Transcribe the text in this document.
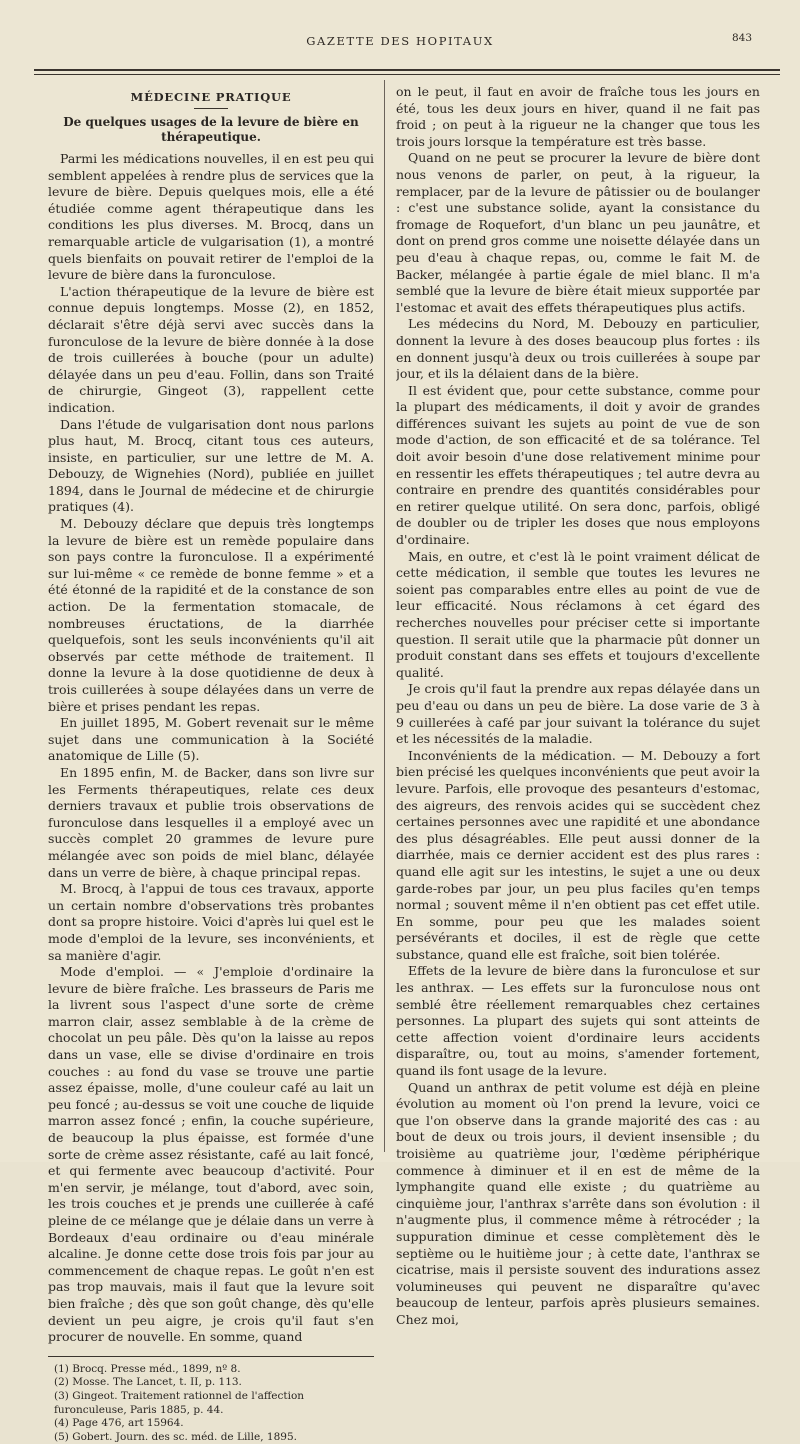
GAZETTE DES HOPITAUX	843
MÉDECINE PRATIQUE
De quelques usages de la levure de bière en thérapeutique.

Parmi les médications nouvelles, il en est peu qui semblent appelées à rendre plus de services que la levure de bière. Depuis quelques mois, elle a été étudiée comme agent thérapeutique dans les conditions les plus diverses. M. Brocq, dans un remarquable article de vulgarisation (1), a montré quels bienfaits on pouvait retirer de l'emploi de la levure de bière dans la furonculose.

L'action thérapeutique de la levure de bière est connue depuis longtemps. Mosse (2), en 1852, déclarait s'être déjà servi avec succès dans la furonculose de la levure de bière donnée à la dose de trois cuillerées à bouche (pour un adulte) délayée dans un peu d'eau. Follin, dans son Traité de chirurgie, Gingeot (3), rappellent cette indication.

Dans l'étude de vulgarisation dont nous parlons plus haut, M. Brocq, citant tous ces auteurs, insiste, en particulier, sur une lettre de M. A. Debouzy, de Wignehies (Nord), publiée en juillet 1894, dans le Journal de médecine et de chirurgie pratiques (4).

M. Debouzy déclare que depuis très longtemps la levure de bière est un remède populaire dans son pays contre la furonculose. Il a expérimenté sur lui-même « ce remède de bonne femme » et a été étonné de la rapidité et de la constance de son action. De la fermentation stomacale, de nombreuses éructations, de la diarrhée quelquefois, sont les seuls inconvénients qu'il ait observés par cette méthode de traitement. Il donne la levure à la dose quotidienne de deux à trois cuillerées à soupe délayées dans un verre de bière et prises pendant les repas.

En juillet 1895, M. Gobert revenait sur le même sujet dans une communication à la Société anatomique de Lille (5).

En 1895 enfin, M. de Backer, dans son livre sur les Ferments thérapeutiques, relate ces deux derniers travaux et publie trois observations de furonculose dans lesquelles il a employé avec un succès complet 20 grammes de levure pure mélangée avec son poids de miel blanc, délayée dans un verre de bière, à chaque principal repas.

M. Brocq, à l'appui de tous ces travaux, apporte un certain nombre d'observations très probantes dont sa propre histoire. Voici d'après lui quel est le mode d'emploi de la levure, ses inconvénients, et sa manière d'agir.

Mode d'emploi. — « J'emploie d'ordinaire la levure de bière fraîche. Les brasseurs de Paris me la livrent sous l'aspect d'une sorte de crème marron clair, assez semblable à de la crème de chocolat un peu pâle. Dès qu'on la laisse au repos dans un vase, elle se divise d'ordinaire en trois couches : au fond du vase se trouve une partie assez épaisse, molle, d'une couleur café au lait un peu foncé ; au-dessus se voit une couche de liquide marron assez foncé ; enfin, la couche supérieure, de beaucoup la plus épaisse, est formée d'une sorte de crème assez résistante, café au lait foncé, et qui fermente avec beaucoup d'activité. Pour m'en servir, je mélange, tout d'abord, avec soin, les trois couches et je prends une cuillerée à café pleine de ce mélange que je délaie dans un verre à Bordeaux d'eau ordinaire ou d'eau minérale alcaline. Je donne cette dose trois fois par jour au commencement de chaque repas. Le goût n'en est pas trop mauvais, mais il faut que la levure soit bien fraîche ; dès que son goût change, dès qu'elle devient un peu aigre, je crois qu'il faut s'en procurer de nouvelle. En somme, quand

(1) Brocq. Presse méd., 1899, nº 8.
(2) Mosse. The Lancet, t. II, p. 113.
(3) Gingeot. Traitement rationnel de l'affection furonculeuse, Paris 1885, p. 44.
(4) Page 476, art 15964.
(5) Gobert. Journ. des sc. méd. de Lille, 1895.

on le peut, il faut en avoir de fraîche tous les jours en été, tous les deux jours en hiver, quand il ne fait pas froid ; on peut à la rigueur ne la changer que tous les trois jours lorsque la température est très basse.

Quand on ne peut se procurer la levure de bière dont nous venons de parler, on peut, à la rigueur, la remplacer, par de la levure de pâtissier ou de boulanger : c'est une substance solide, ayant la consistance du fromage de Roquefort, d'un blanc un peu jaunâtre, et dont on prend gros comme une noisette délayée dans un peu d'eau à chaque repas, ou, comme le fait M. de Backer, mélangée à partie égale de miel blanc. Il m'a semblé que la levure de bière était mieux supportée par l'estomac et avait des effets thérapeutiques plus actifs.

Les médecins du Nord, M. Debouzy en particulier, donnent la levure à des doses beaucoup plus fortes : ils en donnent jusqu'à deux ou trois cuillerées à soupe par jour, et ils la délaient dans de la bière.

Il est évident que, pour cette substance, comme pour la plupart des médicaments, il doit y avoir de grandes différences suivant les sujets au point de vue de son mode d'action, de son efficacité et de sa tolérance. Tel doit avoir besoin d'une dose relativement minime pour en ressentir les effets thérapeutiques ; tel autre devra au contraire en prendre des quantités considérables pour en retirer quelque utilité. On sera donc, parfois, obligé de doubler ou de tripler les doses que nous employons d'ordinaire.

Mais, en outre, et c'est là le point vraiment délicat de cette médication, il semble que toutes les levures ne soient pas comparables entre elles au point de vue de leur efficacité. Nous réclamons à cet égard des recherches nouvelles pour préciser cette si importante question. Il serait utile que la pharmacie pût donner un produit constant dans ses effets et toujours d'excellente qualité.

Je crois qu'il faut la prendre aux repas délayée dans un peu d'eau ou dans un peu de bière. La dose varie de 3 à 9 cuillerées à café par jour suivant la tolérance du sujet et les nécessités de la maladie.

Inconvénients de la médication. — M. Debouzy a fort bien précisé les quelques inconvénients que peut avoir la levure. Parfois, elle provoque des pesanteurs d'estomac, des aigreurs, des renvois acides qui se succèdent chez certaines personnes avec une rapidité et une abondance des plus désagréables. Elle peut aussi donner de la diarrhée, mais ce dernier accident est des plus rares : quand elle agit sur les intestins, le sujet a une ou deux garde-robes par jour, un peu plus faciles qu'en temps normal ; souvent même il n'en obtient pas cet effet utile. En somme, pour peu que les malades soient persévérants et dociles, il est de règle que cette substance, quand elle est fraîche, soit bien tolérée.

Effets de la levure de bière dans la furonculose et sur les anthrax. — Les effets sur la furonculose nous ont semblé être réellement remarquables chez certaines personnes. La plupart des sujets qui sont atteints de cette affection voient d'ordinaire leurs accidents disparaître, ou, tout au moins, s'amender fortement, quand ils font usage de la levure.

Quand un anthrax de petit volume est déjà en pleine évolution au moment où l'on prend la levure, voici ce que l'on observe dans la grande majorité des cas : au bout de deux ou trois jours, il devient insensible ; du troisième au quatrième jour, l'œdème périphérique commence à diminuer et il en est de même de la lymphangite quand elle existe ; du quatrième au cinquième jour, l'anthrax s'arrête dans son évolution : il n'augmente plus, il commence même à rétrocéder ; la suppuration diminue et cesse complètement dès le septième ou le huitième jour ; à cette date, l'anthrax se cicatrise, mais il persiste souvent des indurations assez volumineuses qui peuvent ne disparaître qu'avec beaucoup de lenteur, parfois après plusieurs semaines. Chez moi,
